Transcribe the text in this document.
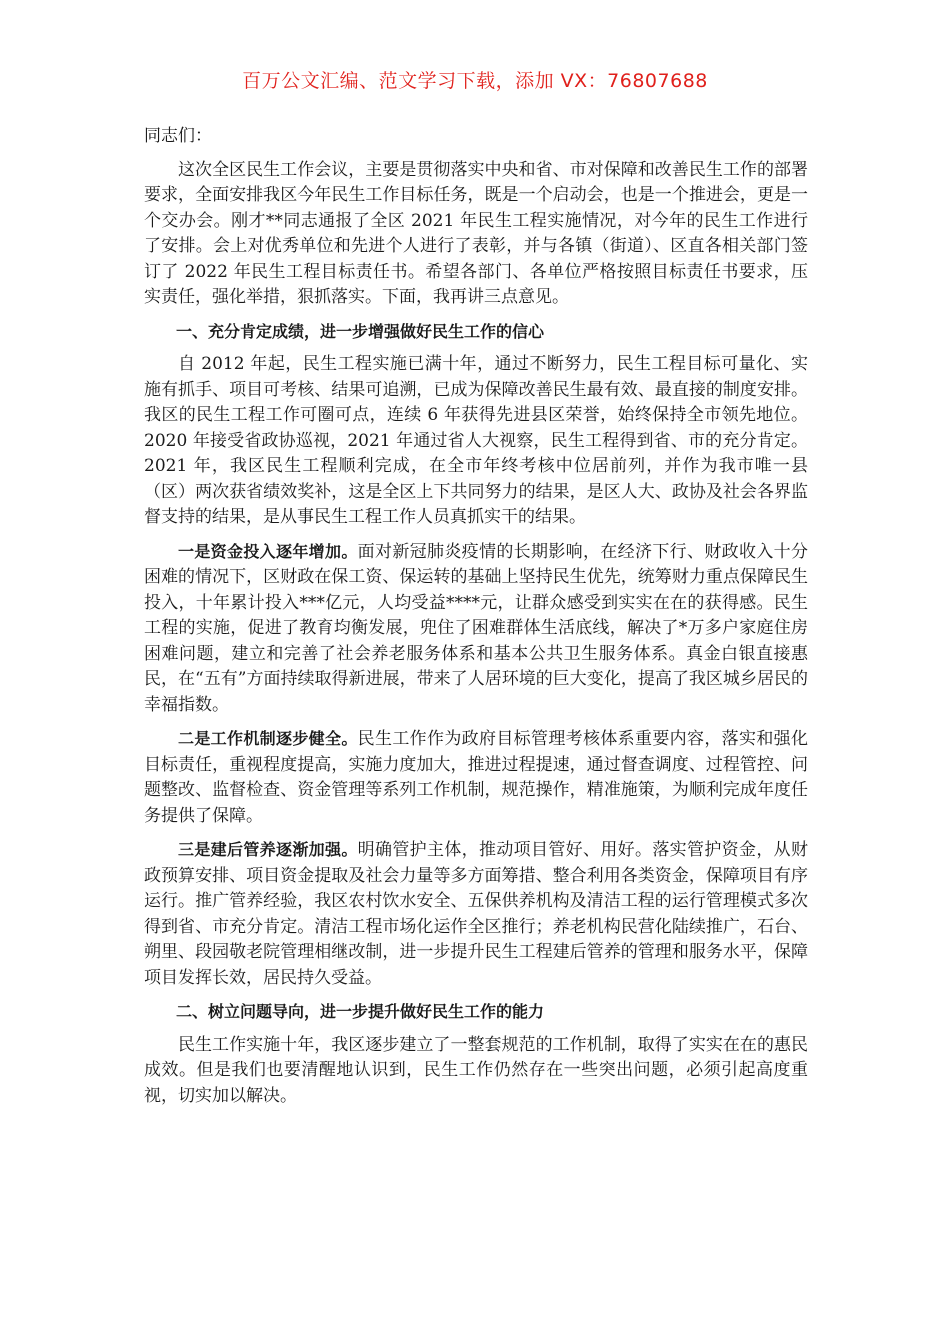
百万公文汇编、范文学习下载，添加 VX：76807688

同志们：

这次全区民生工作会议，主要是贯彻落实中央和省、市对保障和改善民生工作的部署要求，全面安排我区今年民生工作目标任务，既是一个启动会，也是一个推进会，更是一个交办会。刚才**同志通报了全区 2021 年民生工程实施情况，对今年的民生工作进行了安排。会上对优秀单位和先进个人进行了表彰，并与各镇（街道）、区直各相关部门签订了 2022 年民生工程目标责任书。希望各部门、各单位严格按照目标责任书要求，压实责任，强化举措，狠抓落实。下面，我再讲三点意见。

一、充分肯定成绩，进一步增强做好民生工作的信心

自 2012 年起，民生工程实施已满十年，通过不断努力，民生工程目标可量化、实施有抓手、项目可考核、结果可追溯，已成为保障改善民生最有效、最直接的制度安排。我区的民生工程工作可圈可点，连续 6 年获得先进县区荣誉，始终保持全市领先地位。2020 年接受省政协巡视，2021 年通过省人大视察，民生工程得到省、市的充分肯定。 2021 年，我区民生工程顺利完成，在全市年终考核中位居前列，并作为我市唯一县（区）两次获省绩效奖补，这是全区上下共同努力的结果，是区人大、政协及社会各界监督支持的结果，是从事民生工程工作人员真抓实干的结果。

一是资金投入逐年增加。面对新冠肺炎疫情的长期影响，在经济下行、财政收入十分困难的情况下，区财政在保工资、保运转的基础上坚持民生优先，统筹财力重点保障民生投入，十年累计投入***亿元，人均受益****元，让群众感受到实实在在的获得感。民生工程的实施，促进了教育均衡发展，兜住了困难群体生活底线，解决了*万多户家庭住房困难问题，建立和完善了社会养老服务体系和基本公共卫生服务体系。真金白银直接惠民，在“五有”方面持续取得新进展，带来了人居环境的巨大变化，提高了我区城乡居民的幸福指数。

二是工作机制逐步健全。民生工作作为政府目标管理考核体系重要内容，落实和强化目标责任，重视程度提高，实施力度加大，推进过程提速，通过督查调度、过程管控、问题整改、监督检查、资金管理等系列工作机制，规范操作，精准施策，为顺利完成年度任务提供了保障。

三是建后管养逐渐加强。明确管护主体，推动项目管好、用好。落实管护资金，从财政预算安排、项目资金提取及社会力量等多方面筹措、整合利用各类资金，保障项目有序运行。推广管养经验，我区农村饮水安全、五保供养机构及清洁工程的运行管理模式多次得到省、市充分肯定。清洁工程市场化运作全区推行；养老机构民营化陆续推广，石台、朔里、段园敬老院管理相继改制，进一步提升民生工程建后管养的管理和服务水平，保障项目发挥长效，居民持久受益。

二、树立问题导向，进一步提升做好民生工作的能力

民生工作实施十年，我区逐步建立了一整套规范的工作机制，取得了实实在在的惠民成效。但是我们也要清醒地认识到，民生工作仍然存在一些突出问题，必须引起高度重视，切实加以解决。
